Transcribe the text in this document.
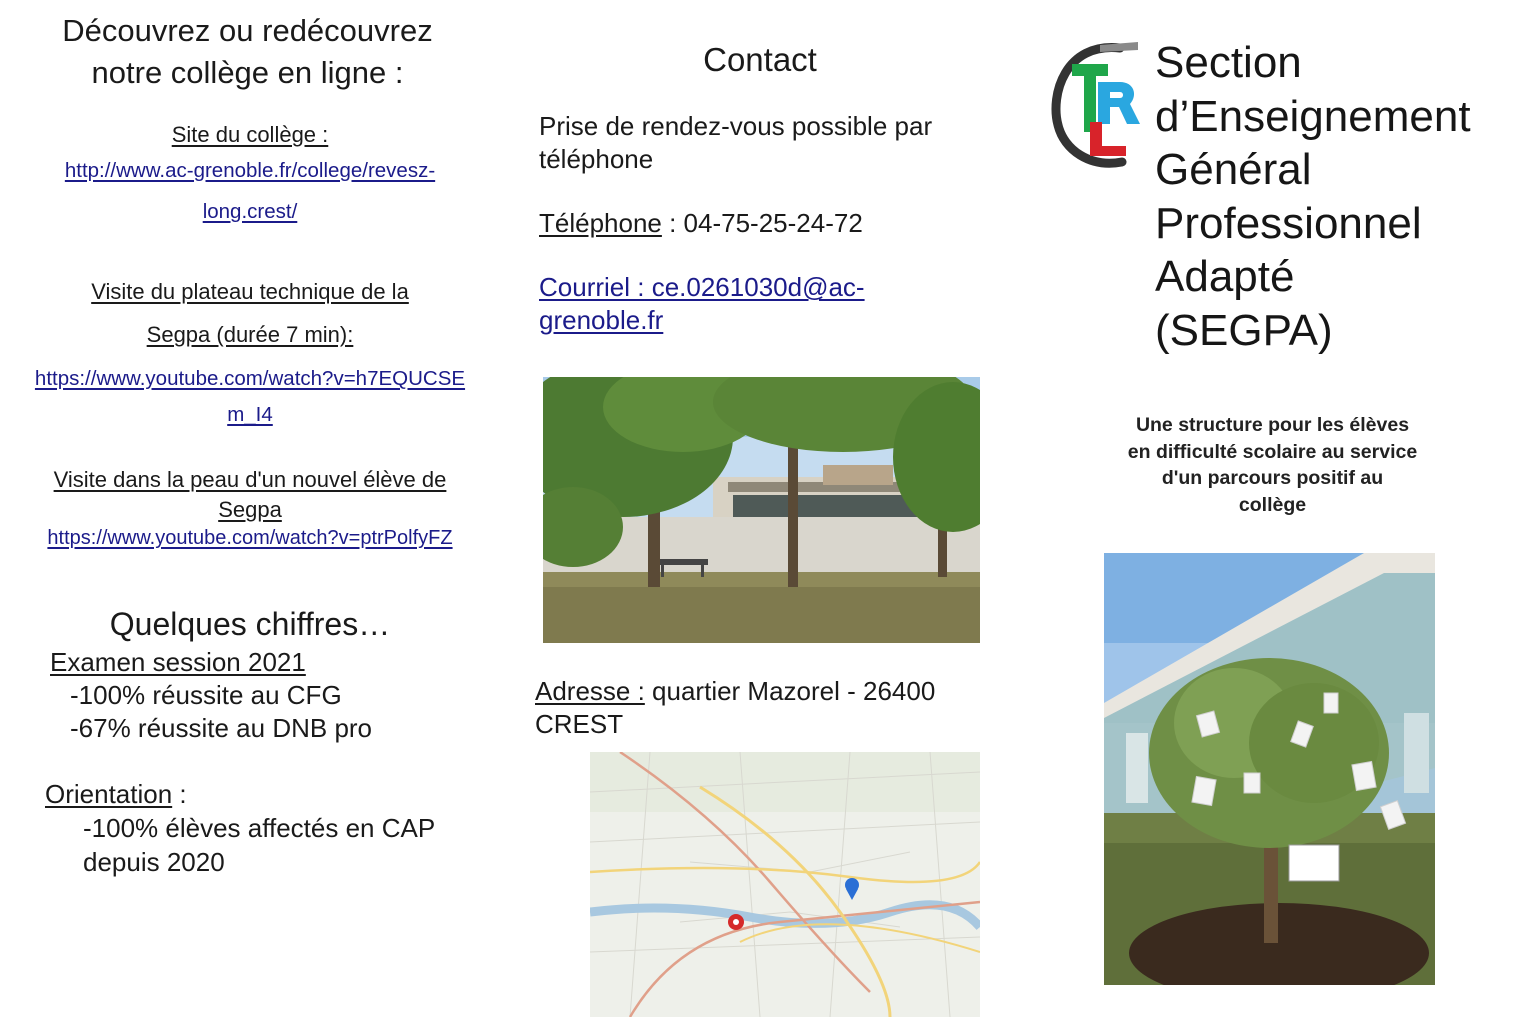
Découvrez ou redécouvrez
notre collège en ligne :
Site du collège :
http://www.ac-grenoble.fr/college/revesz-
long.crest/
Visite du plateau technique de la
Segpa (durée 7 min):
https://www.youtube.com/watch?v=h7EQUCSE
m_I4
Visite dans la peau d'un nouvel élève de
Segpa
https://www.youtube.com/watch?v=ptrPolfyFZ
Quelques chiffres…
Examen session 2021
-100% réussite au CFG
-67% réussite au DNB pro
Orientation :
-100% élèves affectés en CAP
depuis 2020
Contact
Prise de rendez-vous possible par
téléphone
Téléphone : 04-75-25-24-72
Courriel : ce.0261030d@ac-
grenoble.fr
Adresse : quartier Mazorel - 26400
CREST
Section
d’Enseignement
Général
Professionnel
Adapté
(SEGPA)
Une structure pour les élèves
en difficulté scolaire au service
d'un parcours positif au
collège
